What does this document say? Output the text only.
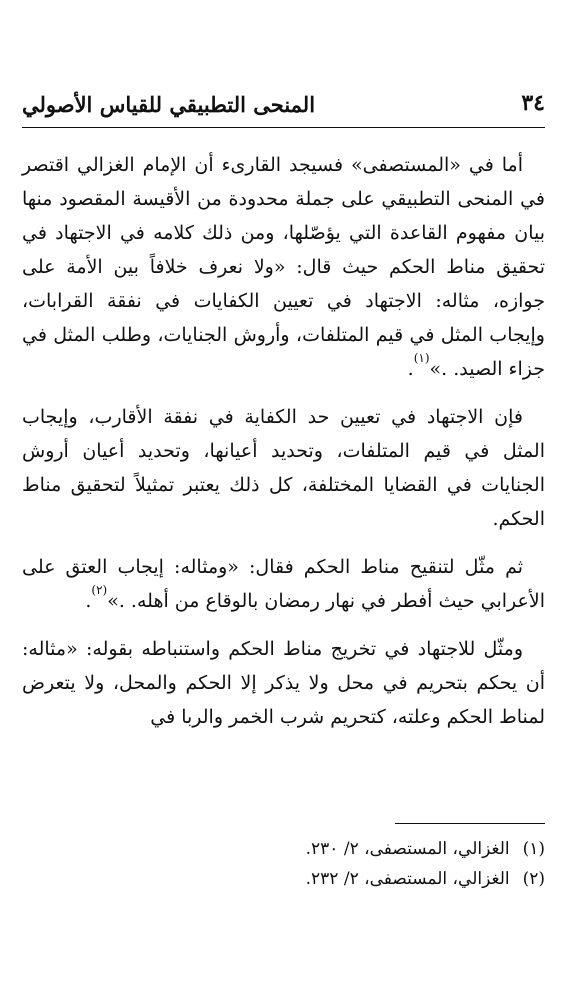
٣٤
المنحى التطبيقي للقياس الأصولي

أما في «المستصفى» فسيجد القارىء أن الإمام الغزالي اقتصر في المنحى التطبيقي على جملة محدودة من الأقيسة المقصود منها بيان مفهوم القاعدة التي يؤصّلها، ومن ذلك كلامه في الاجتهاد في تحقيق مناط الحكم حيث قال: «ولا نعرف خلافاً بين الأمة على جوازه، مثاله: الاجتهاد في تعيين الكفايات في نفقة القرابات، وإيجاب المثل في قيم المتلفات، وأروش الجنايات، وطلب المثل في جزاء الصيد. .»$^{(١)}$.

فإن الاجتهاد في تعيين حد الكفاية في نفقة الأقارب، وإيجاب المثل في قيم المتلفات، وتحديد أعيانها، وتحديد أعيان أروش الجنايات في القضايا المختلفة، كل ذلك يعتبر تمثيلاً لتحقيق مناط الحكم.

ثم مثّل لتنقيح مناط الحكم فقال: «ومثاله: إيجاب العتق على الأعرابي حيث أفطر في نهار رمضان بالوقاع من أهله. .»$^{(٢)}$.

ومثّل للاجتهاد في تخريج مناط الحكم واستنباطه بقوله: «مثاله: أن يحكم بتحريم في محل ولا يذكر إلا الحكم والمحل، ولا يتعرض لمناط الحكم وعلته، كتحريم شرب الخمر والربا في

(١) الغزالي، المستصفى، ٢/ ٢٣٠.
(٢) الغزالي، المستصفى، ٢/ ٢٣٢.
